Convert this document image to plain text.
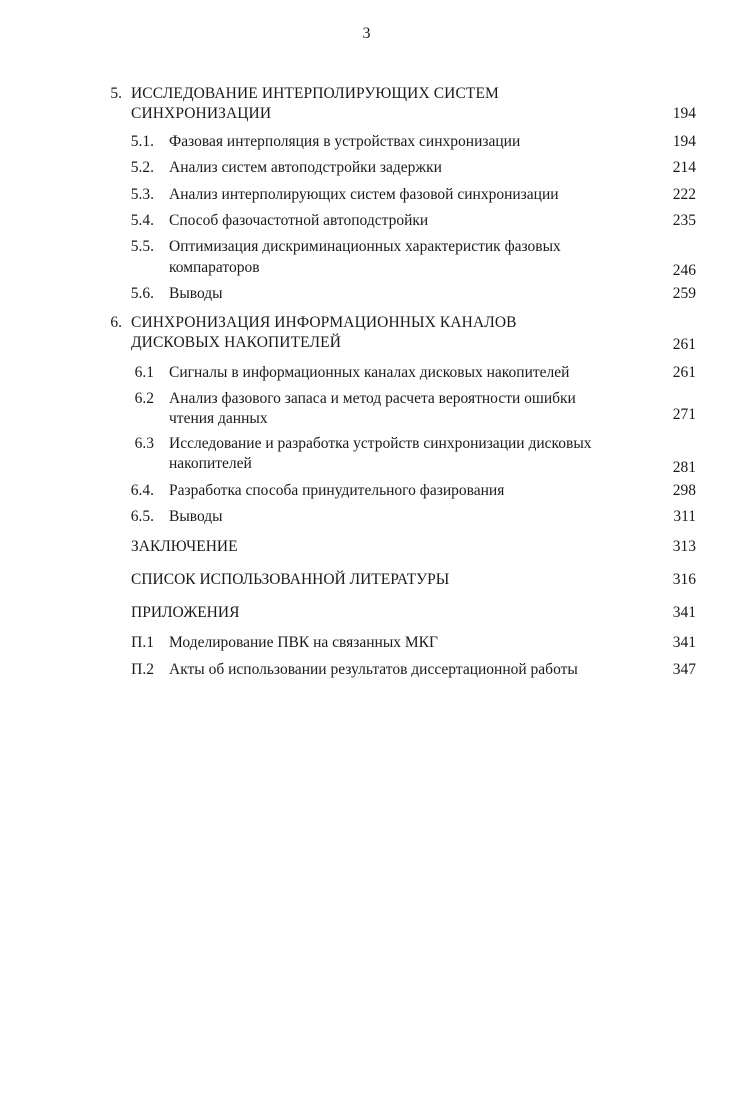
3
5. ИССЛЕДОВАНИЕ ИНТЕРПОЛИРУЮЩИХ СИСТЕМ
СИНХРОНИЗАЦИИ	194
5.1. Фазовая интерполяция в устройствах синхронизации	194
5.2. Анализ систем автоподстройки задержки	214
5.3. Анализ интерполирующих систем фазовой синхронизации	222
5.4. Способ фазочастотной автоподстройки	235
5.5. Оптимизация дискриминационных характеристик фазовых
компараторов	246
5.6. Выводы	259
6. СИНХРОНИЗАЦИЯ ИНФОРМАЦИОННЫХ КАНАЛОВ
ДИСКОВЫХ НАКОПИТЕЛЕЙ	261
6.1 Сигналы в информационных каналах дисковых накопителей	261
6.2 Анализ фазового запаса и метод расчета вероятности ошибки
чтения данных	271
6.3 Исследование и разработка устройств синхронизации дисковых
накопителей	281
6.4. Разработка способа принудительного фазирования	298
6.5. Выводы	311
ЗАКЛЮЧЕНИЕ	313
СПИСОК ИСПОЛЬЗОВАННОЙ ЛИТЕРАТУРЫ	316
ПРИЛОЖЕНИЯ	341
П.1 Моделирование ПВК на связанных МКГ	341
П.2 Акты об использовании результатов диссертационной работы	347
